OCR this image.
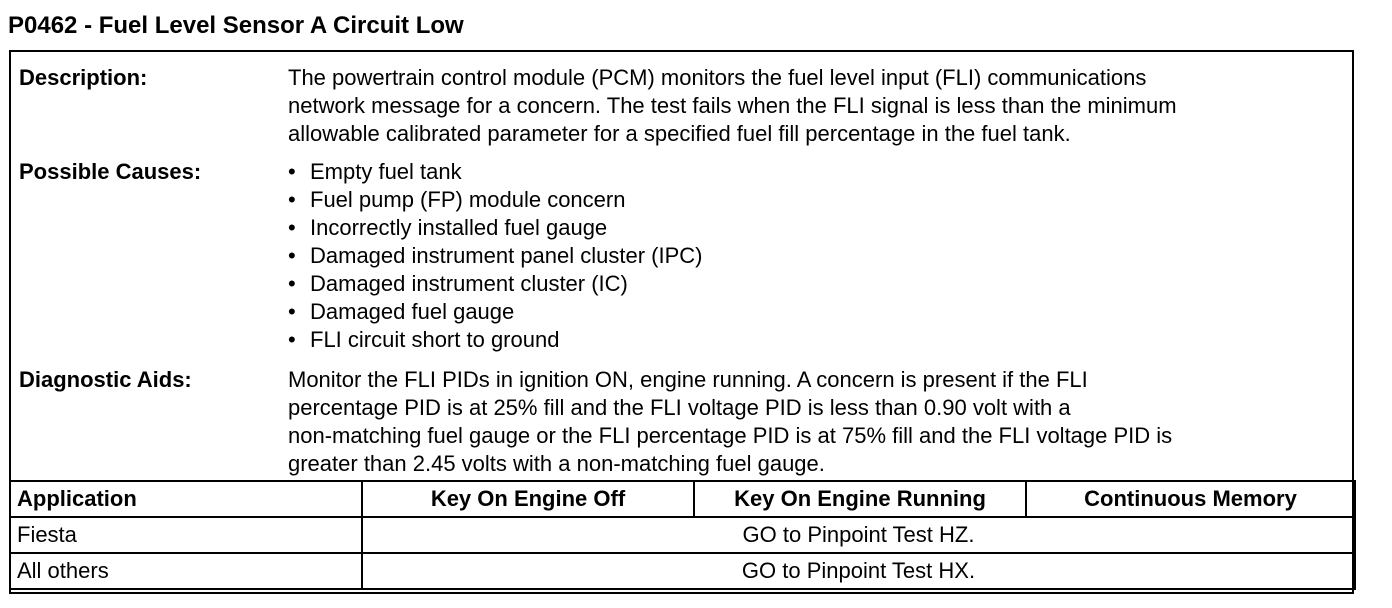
P0462 - Fuel Level Sensor A Circuit Low
Description:	The powertrain control module (PCM) monitors the fuel level input (FLI) communications
network message for a concern. The test fails when the FLI signal is less than the minimum
allowable calibrated parameter for a specified fuel fill percentage in the fuel tank.
Possible Causes:	• Empty fuel tank
• Fuel pump (FP) module concern
• Incorrectly installed fuel gauge
• Damaged instrument panel cluster (IPC)
• Damaged instrument cluster (IC)
• Damaged fuel gauge
• FLI circuit short to ground
Diagnostic Aids:	Monitor the FLI PIDs in ignition ON, engine running. A concern is present if the FLI
percentage PID is at 25% fill and the FLI voltage PID is less than 0.90 volt with a
non-matching fuel gauge or the FLI percentage PID is at 75% fill and the FLI voltage PID is
greater than 2.45 volts with a non-matching fuel gauge.
Application	Key On Engine Off	Key On Engine Running	Continuous Memory
Fiesta	GO to Pinpoint Test HZ.		
All others	GO to Pinpoint Test HX.		
